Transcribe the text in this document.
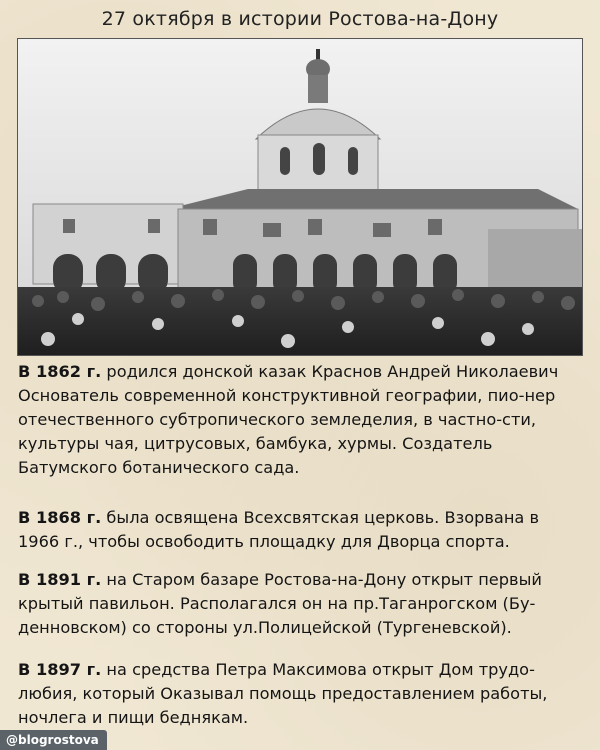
27 октября в истории Ростова-на-Дону
В 1862 г. родился донской казак Краснов Андрей Николаевич Основатель современной конструктивной географии, пио-нер отечественного субтропического земледелия, в частно-сти, культуры чая, цитрусовых, бамбука, хурмы. Создатель Батумского ботанического сада.
В 1868 г. была освящена Всехсвятская церковь. Взорвана в 1966 г., чтобы освободить площадку для Дворца спорта.
В 1891 г. на Старом базаре Ростова-на-Дону открыт первый крытый павильон. Располагался он на пр.Таганрогском (Бу-денновском) со стороны ул.Полицейской (Тургеневской).
В 1897 г. на средства Петра Максимова открыт Дом трудо-любия, который Оказывал помощь предоставлением работы, ночлега и пищи беднякам.
@blogrostova
